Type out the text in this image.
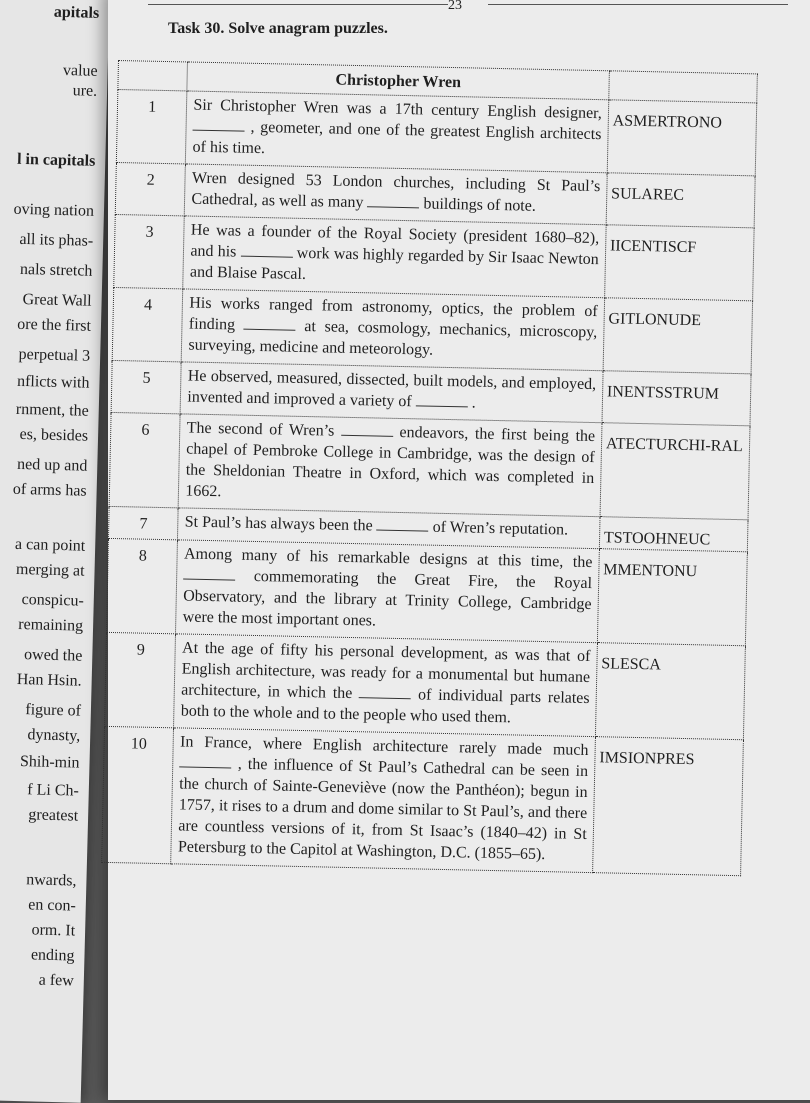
apitals
value
ure.
l in capitals
oving nation
all its phas-
nals stretch
Great Wall
ore the first
perpetual 3
nflicts with
rnment, the
es, besides
ned up and
of arms has
a can point
merging at
conspicu-
remaining
owed the
Han Hsin.
figure of
dynasty,
Shih-min
f Li Ch-
greatest
nwards,
en con-
orm. It
ending
a few
23
Task 30. Solve anagram puzzles.
	Christopher Wren	
1	Sir Christopher Wren was a 17th century English designer,  , geometer, and one of the greatest English architects of his time.	ASMERTRONO
2	Wren designed 53 London churches, including St Paul’s Cathedral, as well as many buildings of note.	SULAREC
3	He was a founder of the Royal Society (president 1680–82), and his work was highly regarded by Sir Isaac Newton and Blaise Pascal.	IICENTISCF
4	His works ranged from astronomy, optics, the problem of finding at sea, cosmology, mechanics, microscopy, surveying, medicine and meteorology.	GITLONUDE
5	He observed, measured, dissected, built models, and employed, invented and improved a variety of .	INENTSSTRUM
6	The second of Wren’s endeavors, the first being the chapel of Pembroke College in Cambridge, was the design of the Sheldonian Theatre in Oxford, which was completed in 1662.	ATECTURCHI-RAL
7	St Paul’s has always been the of Wren’s reputation.	TSTOOHNEUC
8	Among many of his remarkable designs at this time, the  commemorating the Great Fire, the Royal Observatory, and the library at Trinity College, Cambridge were the most important ones.	MMENTONU
9	At the age of fifty his personal development, as was that of English architecture, was ready for a monumental but humane architecture, in which the of individual parts relates both to the whole and to the people who used them.	SLESCA
10	In France, where English architecture rarely made much  , the influence of St Paul’s Cathedral can be seen in the church of Sainte-Geneviève (now the Panthéon); begun in 1757, it rises to a drum and dome similar to St Paul’s, and there are countless versions of it, from St Isaac’s (1840–42) in St Petersburg to the Capitol at Washington, D.C. (1855–65).	IMSIONPRES
